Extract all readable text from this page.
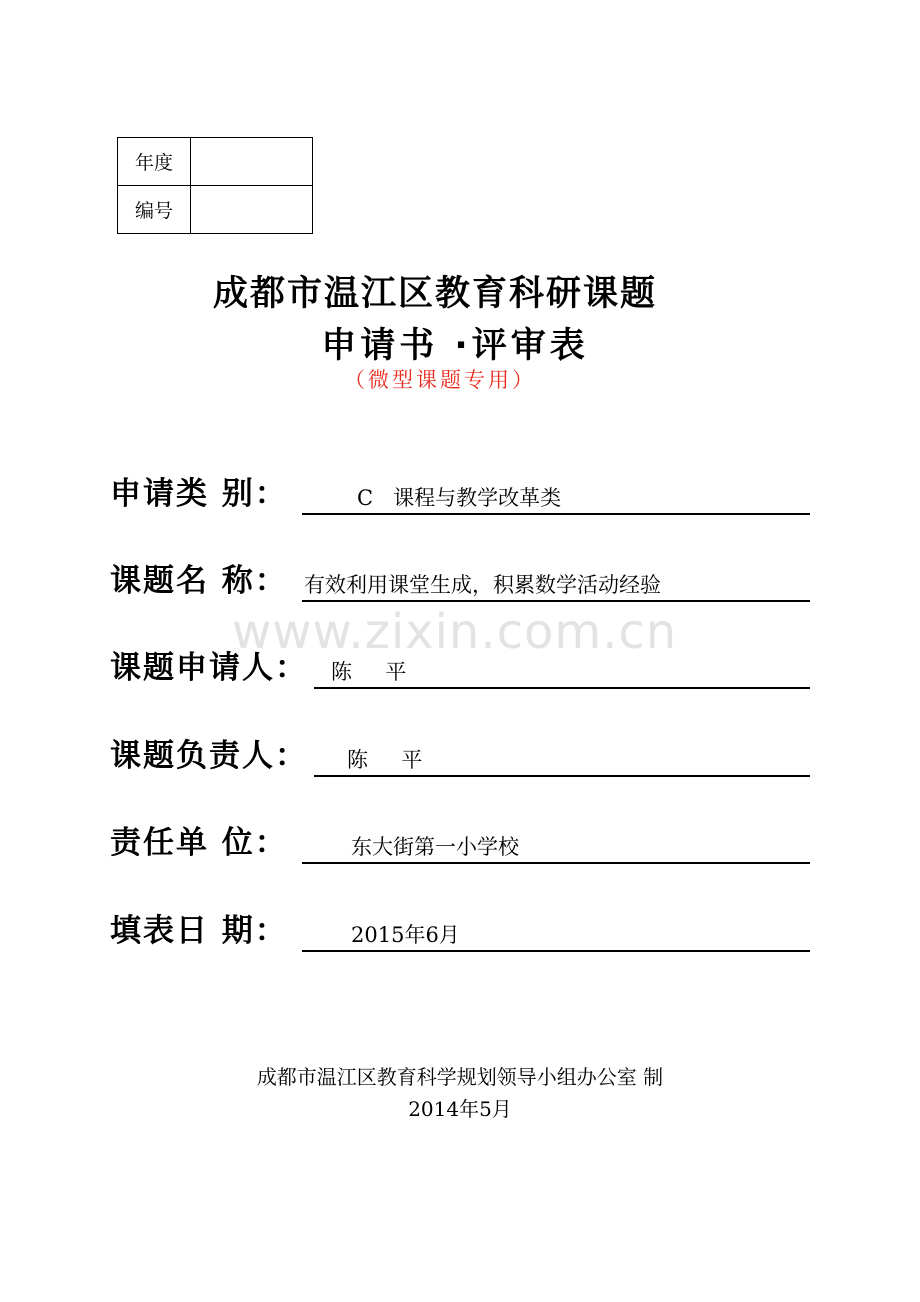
年度	
编号	
成都市温江区教育科研课题
申请书 ·评审表
（微型课题专用）
www.zixin.com.cn
申请类 别：	C   课程与教学改革类
课题名 称： 有效利用课堂生成，积累数学活动经验
课题申请人： 陈     平
课题负责人： 陈     平
责任单 位：	东大街第一小学校
填表日 期：	2015年6月
成都市温江区教育科学规划领导小组办公室 制
2014年5月
